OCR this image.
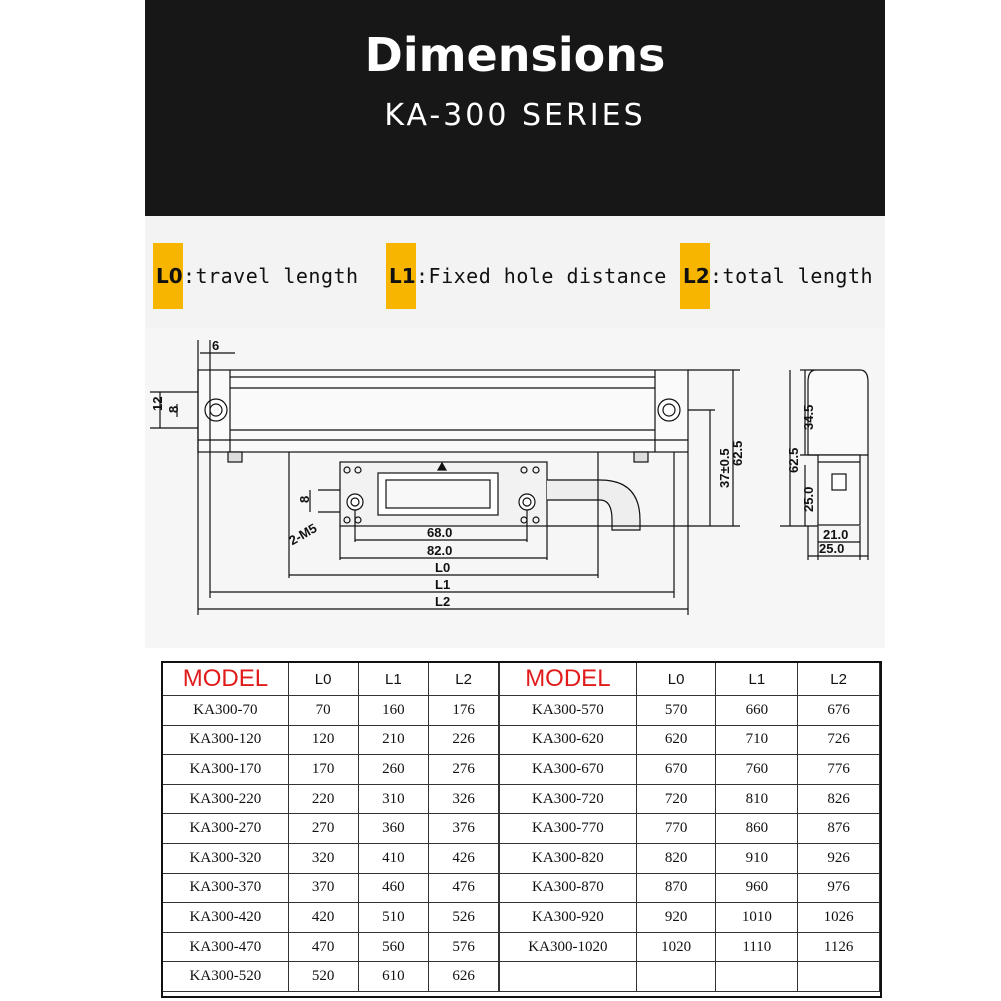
Dimensions
KA-300 SERIES
L0 :travel length L1 :Fixed hole distance L2 :total length
6
12 8
8
2-M5	68.0
82.0
L0
L1
L2
37±0.5
62.5	62.5
34.5
25.0
21.0
25.0
MODEL	L0	L1	L2
KA300-70	70	160	176
KA300-120	120	210	226
KA300-170	170	260	276
KA300-220	220	310	326
KA300-270	270	360	376
KA300-320	320	410	426
KA300-370	370	460	476
KA300-420	420	510	526
KA300-470	470	560	576
KA300-520	520	610	626
MODEL	L0	L1	L2
KA300-570	570	660	676
KA300-620	620	710	726
KA300-670	670	760	776
KA300-720	720	810	826
KA300-770	770	860	876
KA300-820	820	910	926
KA300-870	870	960	976
KA300-920	920	1010	1026
KA300-1020	1020	1110	1126
